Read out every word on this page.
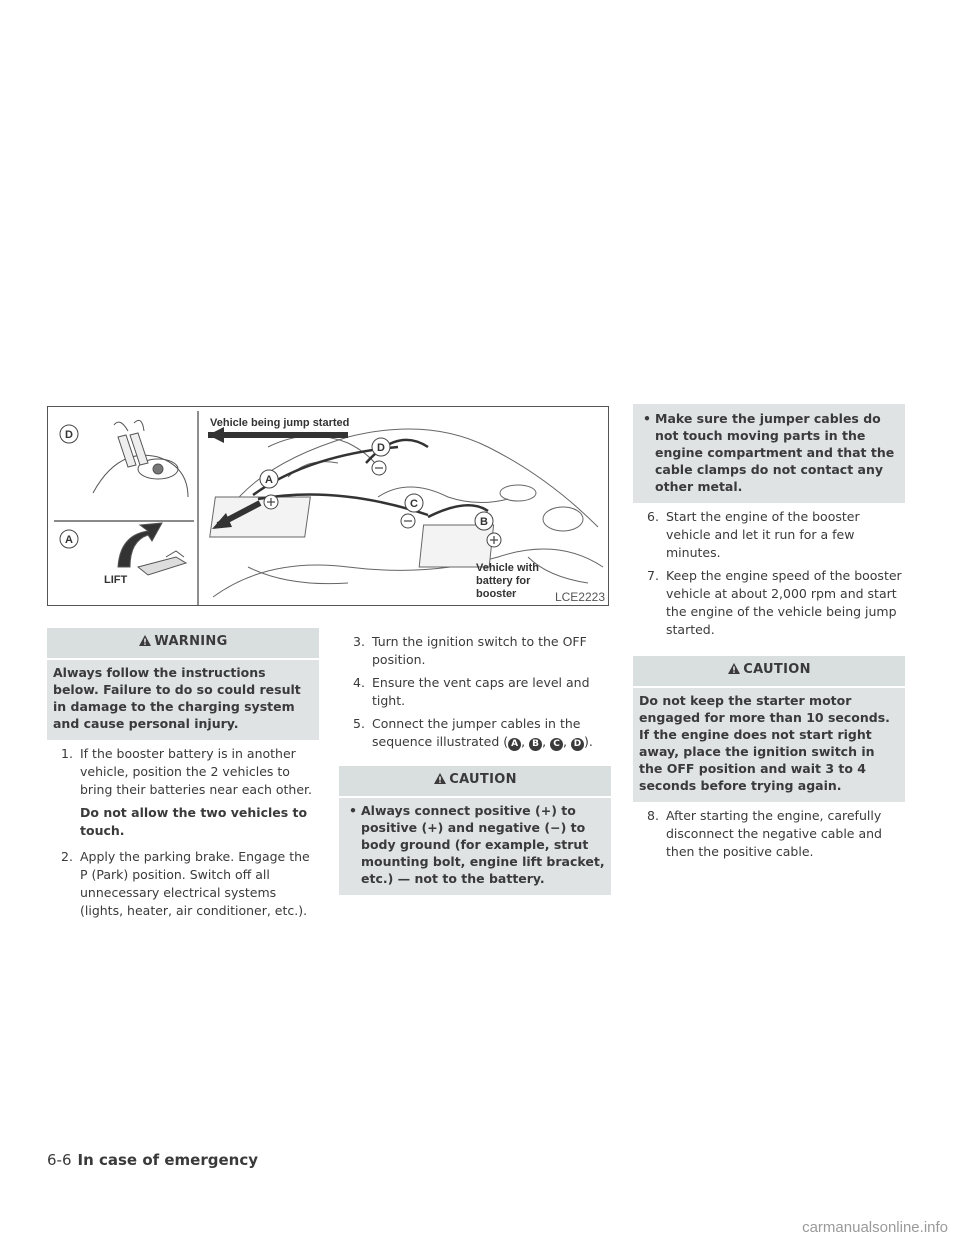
D
A
A
D
C
B
LIFT
Vehicle being jump started
Vehicle with
battery for
booster	LCE2223
WARNING
Always follow the instructions below. Failure to do so could result in damage to the charging system and cause personal injury.
1. If the booster battery is in another vehicle, position the 2 vehicles to bring their batteries near each other.
Do not allow the two vehicles to touch.
2. Apply the parking brake. Engage the P (Park) position. Switch off all unnecessary electrical systems (lights, heater, air conditioner, etc.).
3. Turn the ignition switch to the OFF position.
4. Ensure the vent caps are level and tight.
5. Connect the jumper cables in the sequence illustrated ( A , B , C , D ).
CAUTION
• Always connect positive (+) to positive (+) and negative (−) to body ground (for example, strut mounting bolt, engine lift bracket, etc.) — not to the battery.
• Make sure the jumper cables do not touch moving parts in the engine compartment and that the cable clamps do not contact any other metal.
6. Start the engine of the booster vehicle and let it run for a few minutes.
7. Keep the engine speed of the booster vehicle at about 2,000 rpm and start the engine of the vehicle being jump started.
CAUTION
Do not keep the starter motor engaged for more than 10 seconds. If the engine does not start right away, place the ignition switch in the OFF position and wait 3 to 4 seconds before trying again.
8. After starting the engine, carefully disconnect the negative cable and then the positive cable.
6-6 In case of emergency
carmanualsonline.info
